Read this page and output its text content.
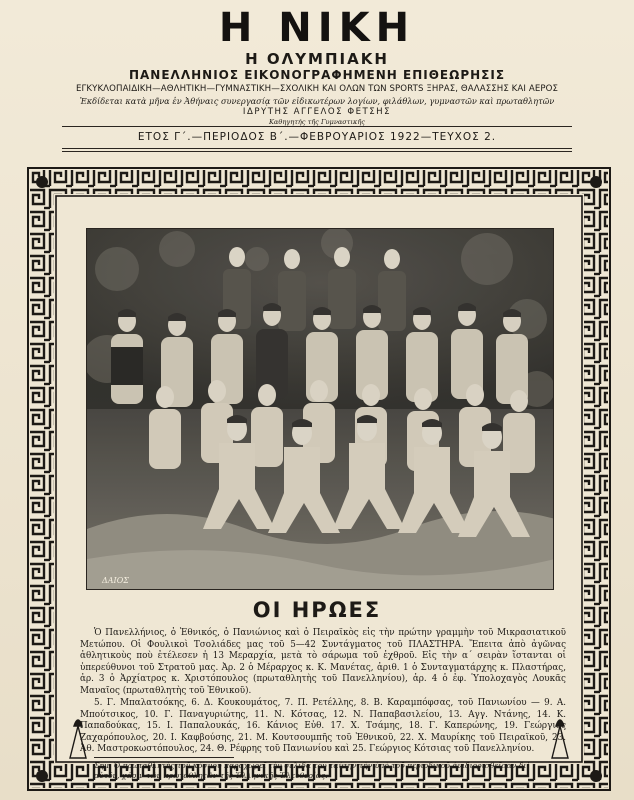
Η ΝΙΚΗ
Η ΟΛΥΜΠΙΑΚΗ
ΠΑΝΕΛΛΗΝΙΟΣ ΕΙΚΟΝΟΓΡΑΦΗΜΕΝΗ ΕΠΙΘΕΩΡΗΣΙΣ
ΕΓΚΥΚΛΟΠΑΙΔΙΚΗ—ΑΘΛΗΤΙΚΗ—ΓΥΜΝΑΣΤΙΚΗ—ΣΧΟΛΙΚΗ ΚΑΙ ΟΛΩΝ ΤΩΝ SPORTS ΞΗΡΑΣ, ΘΑΛΑΣΣΗΣ ΚΑΙ ΑΕΡΟΣ
Ἐκδίδεται κατὰ μῆνα ἐν Ἀθήναις συνεργασίᾳ τῶν εἰδικωτέρων λογίων, φιλάθλων, γυμναστῶν καὶ πρωταθλητῶν
ΙΔΡΥΤΗΣ ΑΓΓΕΛΟΣ ΦΕΤΣΗΣ
Καθηγητής τῆς Γυμναστικῆς
ΕΤΟΣ Γ΄.—ΠΕΡΙΟΔΟΣ Β΄.—ΦΕΒΡΟΥΑΡΙΟΣ 1922—ΤΕΥΧΟΣ 2.
ΔΑΙΟΣ
ΟΙ ΗΡΩΕΣ

Ὁ Πανελλήνιος, ὁ Ἐθνικός, ὁ Πανιώνιος καὶ ὁ Πειραϊκὸς εἰς τὴν πρώτην γραμμὴν τοῦ Μικρασιατικοῦ Μετώπου. Οἱ Φουλικοὶ Τσολιάδες μας τοῦ 5—42 Συντάγματος τοῦ ΠΛΑΣΤΗΡΑ. Ἔπειτα ἀπὸ ἀγῶνας ἀθλητικοὺς ποὺ ἐτέλεσεν ἡ 13 Μεραρχία, μετὰ τὸ σάρωμα τοῦ ἐχθροῦ. Εἰς τὴν α΄ σειρὰν ἵστανται οἱ ὑπερεύθυνοι τοῦ Στρατοῦ μας. Ἀρ. 2 ὁ Μέραρχος κ. Κ. Μανέτας, ἀριθ. 1 ὁ Συνταγματάρχης κ. Πλαστήρας, ἀρ. 3 ὁ Ἀρχίατρος κ. Χριστόπουλος (πρωταθλητὴς τοῦ Πανελληνίου), ἀρ. 4 ὁ ἐφ. Ὑπολοχαγὸς Λουκᾶς Μαναῖος (πρωταθλητὴς τοῦ Ἐθνικοῦ).

5. Γ. Μπαλατσόκης, 6. Δ. Κουκουμάτος, 7. Π. Ρετέλλης, 8. Β. Καραμπόφσας, τοῦ Πανιωνίου — 9. Α. Μπούτσικος, 10. Γ. Παναγυριώτης, 11. Ν. Κότσας, 12. Ν. Παπαβασιλείου, 13. Αγγ. Ντάνης, 14. Κ. Παπαδούκας, 15. Ι. Παπαλουκάς, 16. Κάνιος Εὐθ. 17. Χ. Τσάμης, 18. Γ. Καπερώνης, 19. Γεώργιος Ζαχαρόπουλος, 20. Ι. Καφβούσης, 21. Μ. Κουτσουμπῆς τοῦ Ἐθνικοῦ, 22. Χ. Μαυρίκης τοῦ Πειραϊκοῦ, 23. Ἀθ. Μαστροκωστόπουλος, 24. Θ. Ρέφρης τοῦ Πανιωνίου καὶ 25. Γεώργιος Κότσιας τοῦ Πανελληνίου.

Σημ. Ὁ πρωταθλητὴς τοῦ κόσμου παραχωρεῖ τὴν σελίδα του ταύτην τὴν ὑπὸ τοῦ περιοδικοῦ ἀνιδιορισθεῖσαν δι᾽ αὐτόν, χάριν τῶν πρωταθλητῶν τῆς Ἑλληνικῆς Ἐλευθερίας.
